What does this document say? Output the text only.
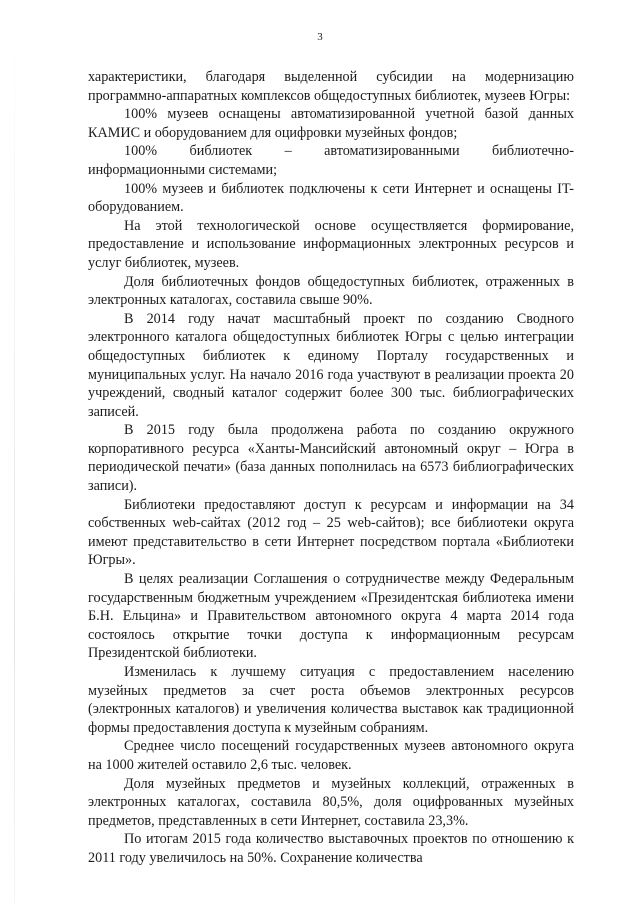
3

характеристики, благодаря выделенной субсидии на модернизацию программно-аппаратных комплексов общедоступных библиотек, музеев Югры:

100% музеев оснащены автоматизированной учетной базой данных КАМИС и оборудованием для оцифровки музейных фондов;

100% библиотек – автоматизированными библиотечно-информационными системами;

100% музеев и библиотек подключены к сети Интернет и оснащены IT-оборудованием.

На этой технологической основе осуществляется формирование, предоставление и использование информационных электронных ресурсов и услуг библиотек, музеев.

Доля библиотечных фондов общедоступных библиотек, отраженных в электронных каталогах, составила свыше 90%.

В 2014 году начат масштабный проект по созданию Сводного электронного каталога общедоступных библиотек Югры с целью интеграции общедоступных библиотек к единому Порталу государственных и муниципальных услуг. На начало 2016 года участвуют в реализации проекта 20 учреждений, сводный каталог содержит более 300 тыс. библиографических записей.

В 2015 году была продолжена работа по созданию окружного корпоративного ресурса «Ханты-Мансийский автономный округ – Югра в периодической печати» (база данных пополнилась на 6573 библиографических записи).

Библиотеки предоставляют доступ к ресурсам и информации на 34 собственных web-сайтах (2012 год – 25 web-сайтов); все библиотеки округа имеют представительство в сети Интернет посредством портала «Библиотеки Югры».

В целях реализации Соглашения о сотрудничестве между Федеральным государственным бюджетным учреждением «Президентская библиотека имени Б.Н. Ельцина» и Правительством автономного округа 4 марта 2014 года состоялось открытие точки доступа к информационным ресурсам Президентской библиотеки.

Изменилась к лучшему ситуация с предоставлением населению музейных предметов за счет роста объемов электронных ресурсов (электронных каталогов) и увеличения количества выставок как традиционной формы предоставления доступа к музейным собраниям.

Среднее число посещений государственных музеев автономного округа на 1000 жителей оставило 2,6 тыс. человек.

Доля музейных предметов и музейных коллекций, отраженных в электронных каталогах, составила 80,5%, доля оцифрованных музейных предметов, представленных в сети Интернет, составила 23,3%.

По итогам 2015 года количество выставочных проектов по отношению к 2011 году увеличилось на 50%. Сохранение количества
